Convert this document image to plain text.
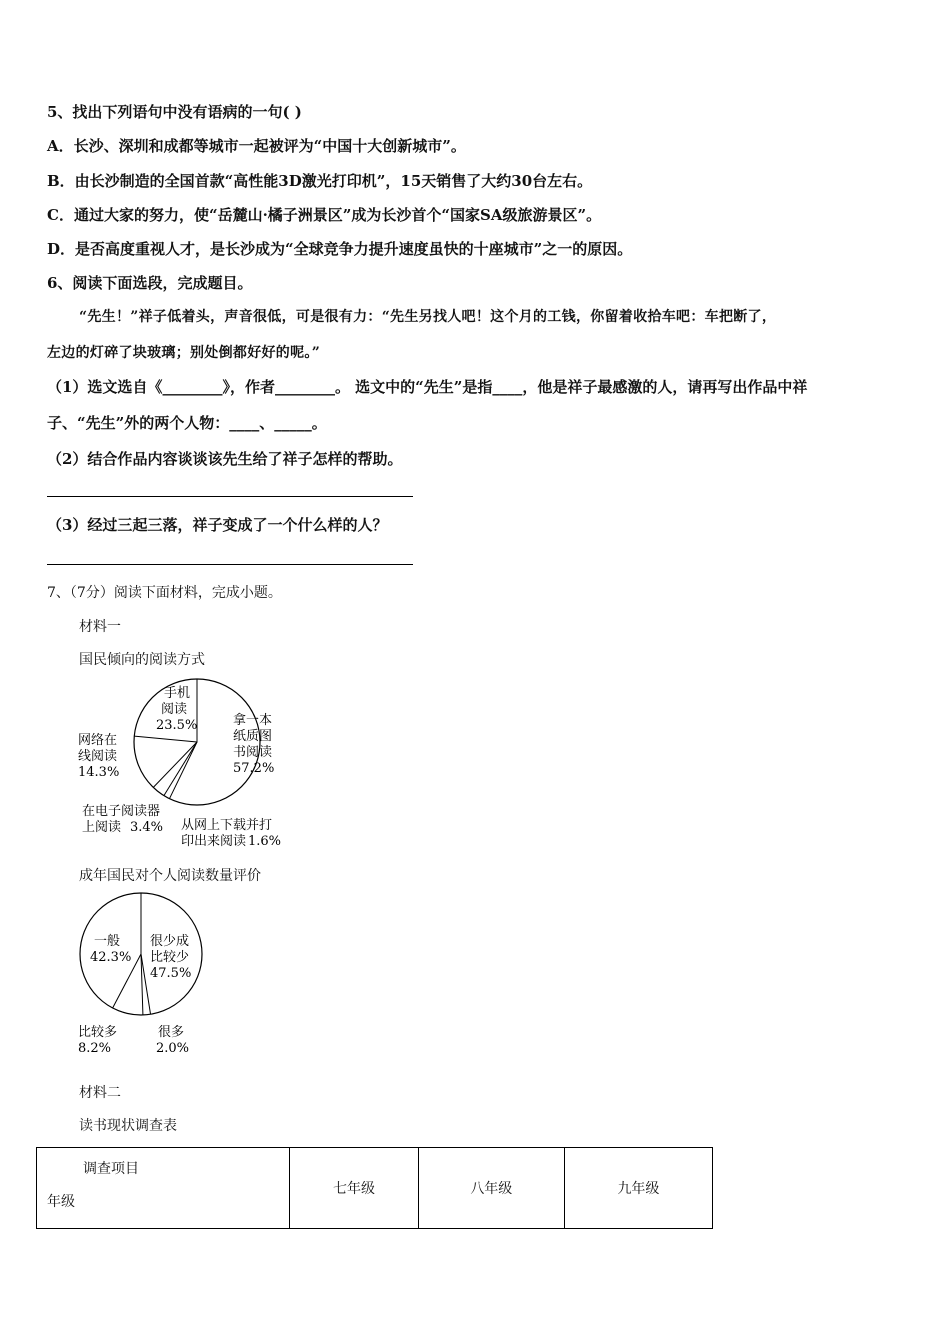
5、找出下列语句中没有语病的一句( )
A．长沙、深圳和成都等城市一起被评为“中国十大创新城市”。
B．由长沙制造的全国首款“高性能3D激光打印机”，15天销售了大约30台左右。
C．通过大家的努力，使“岳麓山·橘子洲景区”成为长沙首个“国家SA级旅游景区”。
D．是否高度重视人才，是长沙成为“全球竞争力提升速度虽快的十座城市”之一的原因。
6、阅读下面选段，完成题目。
“先生！”祥子低着头，声音很低，可是很有力：“先生另找人吧！这个月的工钱，你留着收拾车吧：车把断了，
左边的灯碎了块玻璃；别处倒都好好的呢。”
（1）选文选自《________》，作者________。 选文中的“先生”是指____，他是祥子最感激的人，请再写出作品中祥
子、“先生”外的两个人物：____、_____。
（2）结合作品内容谈谈该先生给了祥子怎样的帮助。
（3）经过三起三落，祥子变成了一个什么样的人？
7、（7分）阅读下面材料，完成小题。
材料一
国民倾向的阅读方式
拿一本
纸质图
书阅读
57.2%
网络在
线阅读
14.3%
手机
阅读
23.5%
在电子阅读器
上阅读 3.4% 从网上下载并打
印出来阅读 1.6%
成年国民对个人阅读数量评价
很少成
比较少
47.5%
一般
42.3%
比较多
8.2%
很多
2.0%
材料二
读书现状调查表
调查项目
年级
	七年级	八年级	九年级
